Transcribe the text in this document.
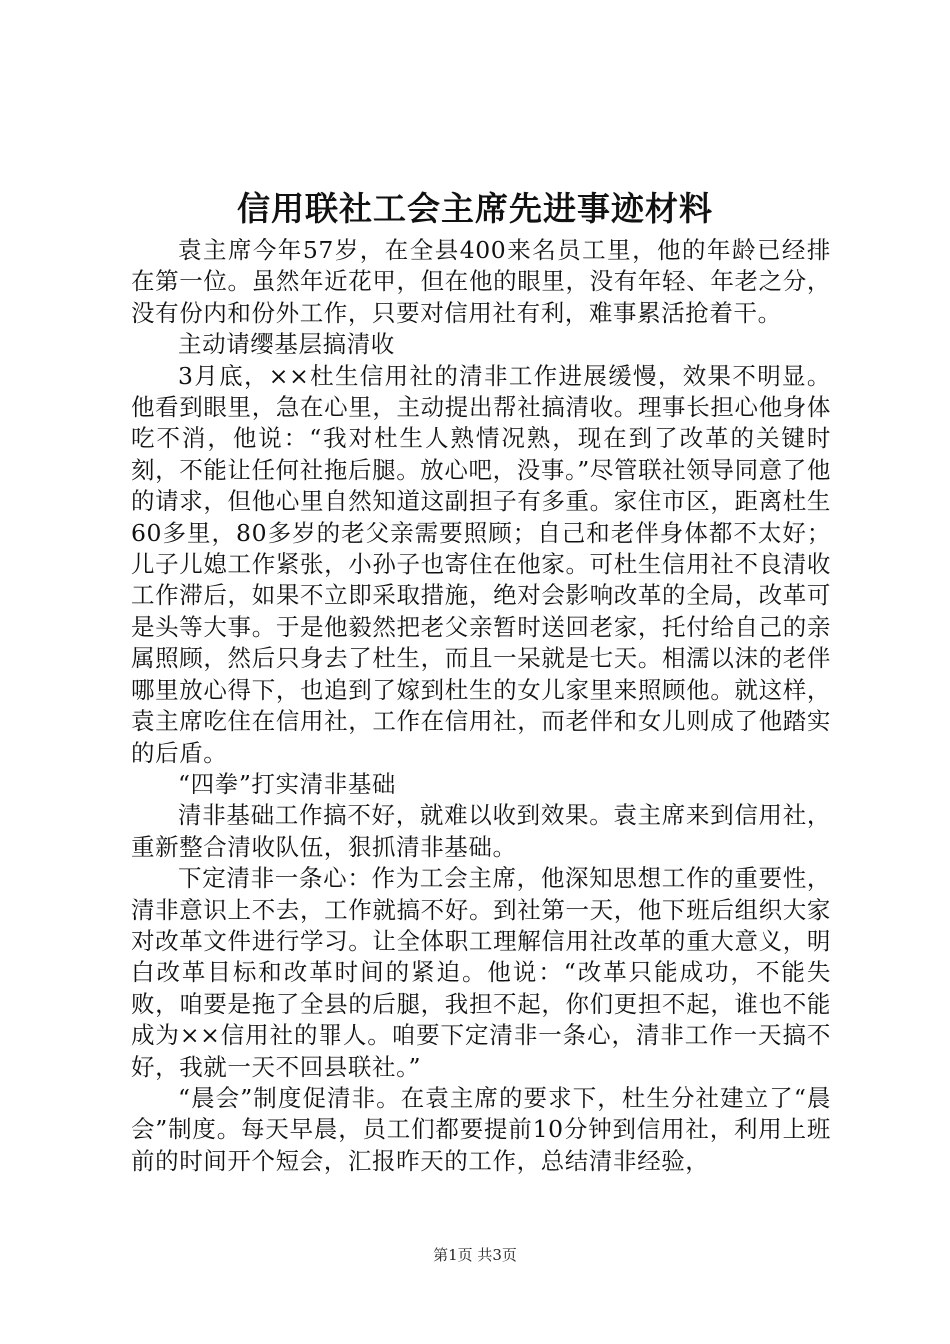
信用联社工会主席先进事迹材料

袁主席今年57岁，在全县400来名员工里，他的年龄已经排在第一位。虽然年近花甲，但在他的眼里，没有年轻、年老之分，没有份内和份外工作，只要对信用社有利，难事累活抢着干。

主动请缨基层搞清收

3月底，××杜生信用社的清非工作进展缓慢，效果不明显。他看到眼里，急在心里，主动提出帮社搞清收。理事长担心他身体吃不消，他说：“我对杜生人熟情况熟，现在到了改革的关键时刻，不能让任何社拖后腿。放心吧，没事。”尽管联社领导同意了他的请求，但他心里自然知道这副担子有多重。家住市区，距离杜生60多里，80多岁的老父亲需要照顾；自己和老伴身体都不太好；儿子儿媳工作紧张，小孙子也寄住在他家。可杜生信用社不良清收工作滞后，如果不立即采取措施，绝对会影响改革的全局，改革可是头等大事。于是他毅然把老父亲暂时送回老家，托付给自己的亲属照顾，然后只身去了杜生，而且一呆就是七天。相濡以沫的老伴哪里放心得下，也追到了嫁到杜生的女儿家里来照顾他。就这样，袁主席吃住在信用社，工作在信用社，而老伴和女儿则成了他踏实的后盾。

“四拳”打实清非基础

清非基础工作搞不好，就难以收到效果。袁主席来到信用社，重新整合清收队伍，狠抓清非基础。

下定清非一条心：作为工会主席，他深知思想工作的重要性，清非意识上不去，工作就搞不好。到社第一天，他下班后组织大家对改革文件进行学习。让全体职工理解信用社改革的重大意义，明白改革目标和改革时间的紧迫。他说：“改革只能成功，不能失败，咱要是拖了全县的后腿，我担不起，你们更担不起，谁也不能成为××信用社的罪人。咱要下定清非一条心，清非工作一天搞不好，我就一天不回县联社。”

“晨会”制度促清非。在袁主席的要求下，杜生分社建立了“晨会”制度。每天早晨，员工们都要提前10分钟到信用社，利用上班前的时间开个短会，汇报昨天的工作，总结清非经验，

第1页 共3页
